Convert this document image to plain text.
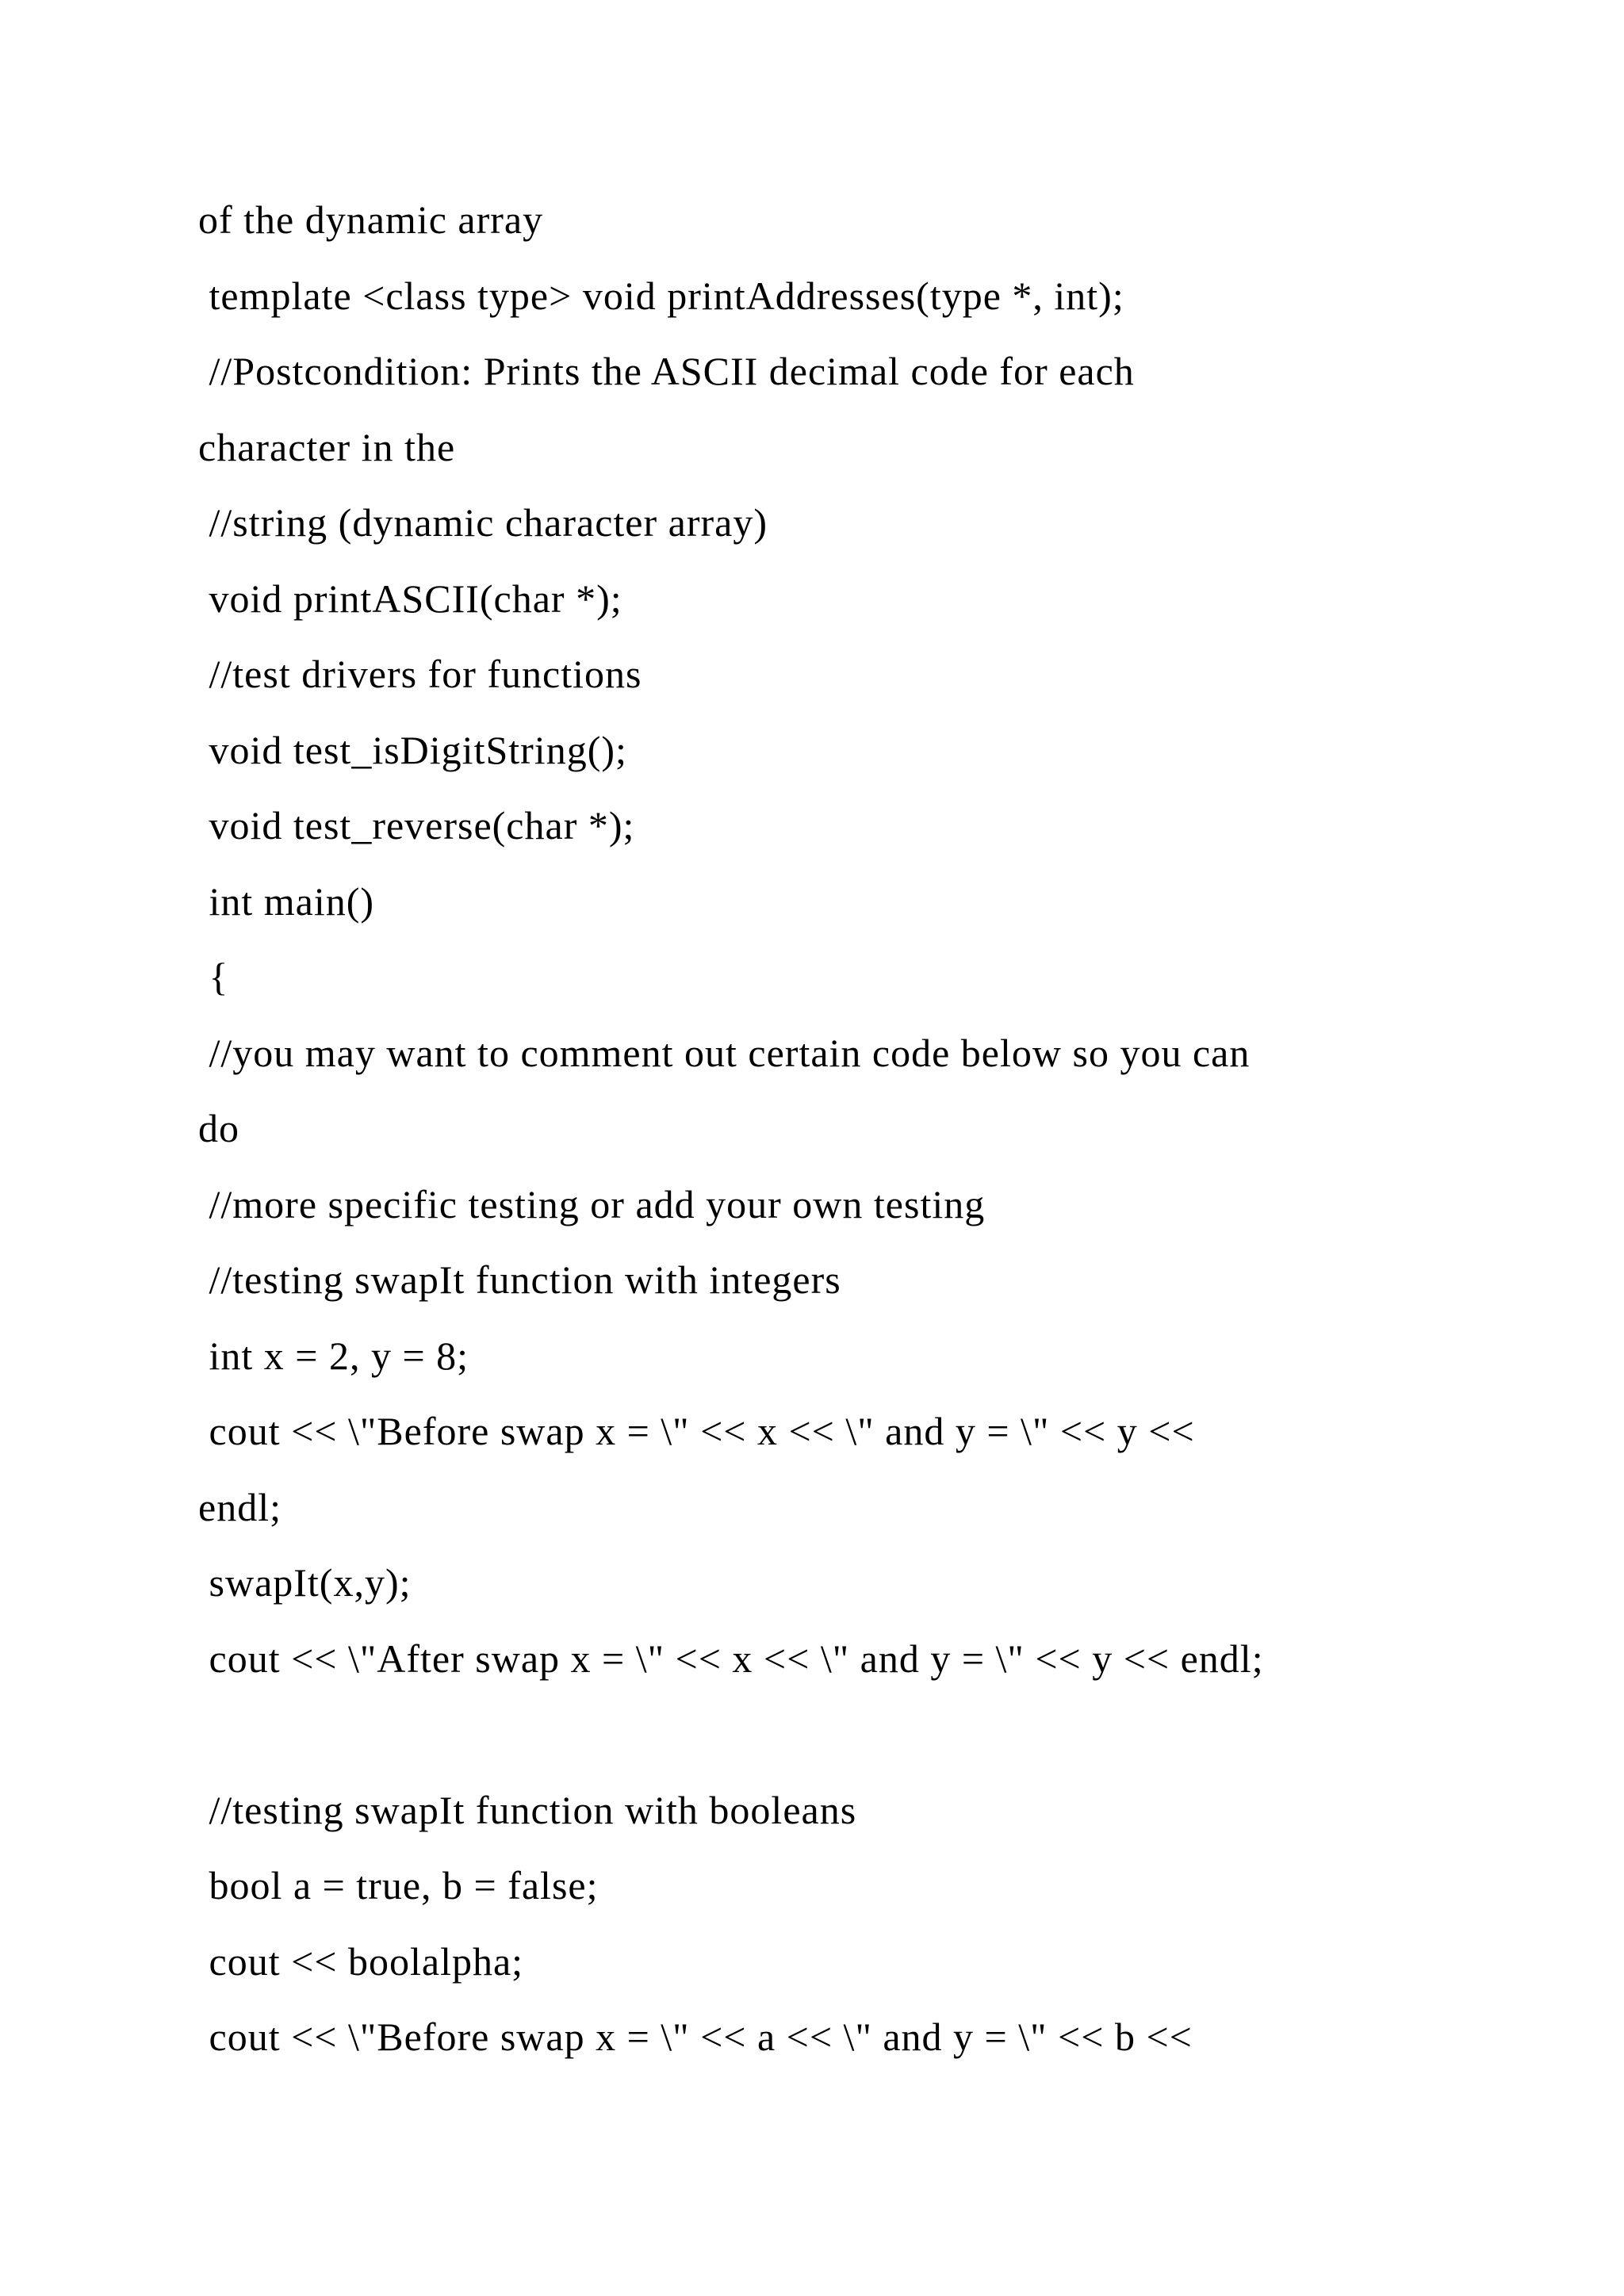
of the dynamic array
template <class type> void printAddresses(type *, int);
//Postcondition: Prints the ASCII decimal code for each
character in the
//string (dynamic character array)
void printASCII(char *);
//test drivers for functions
void test_isDigitString();
void test_reverse(char *);
int main()
{
//you may want to comment out certain code below so you can
do
//more specific testing or add your own testing
//testing swapIt function with integers
int x = 2, y = 8;
cout << \"Before swap x = \" << x << \" and y = \" << y <<
endl;
swapIt(x,y);
cout << \"After swap x = \" << x << \" and y = \" << y << endl;
//testing swapIt function with booleans
bool a = true, b = false;
cout << boolalpha;
cout << \"Before swap x = \" << a << \" and y = \" << b <<
